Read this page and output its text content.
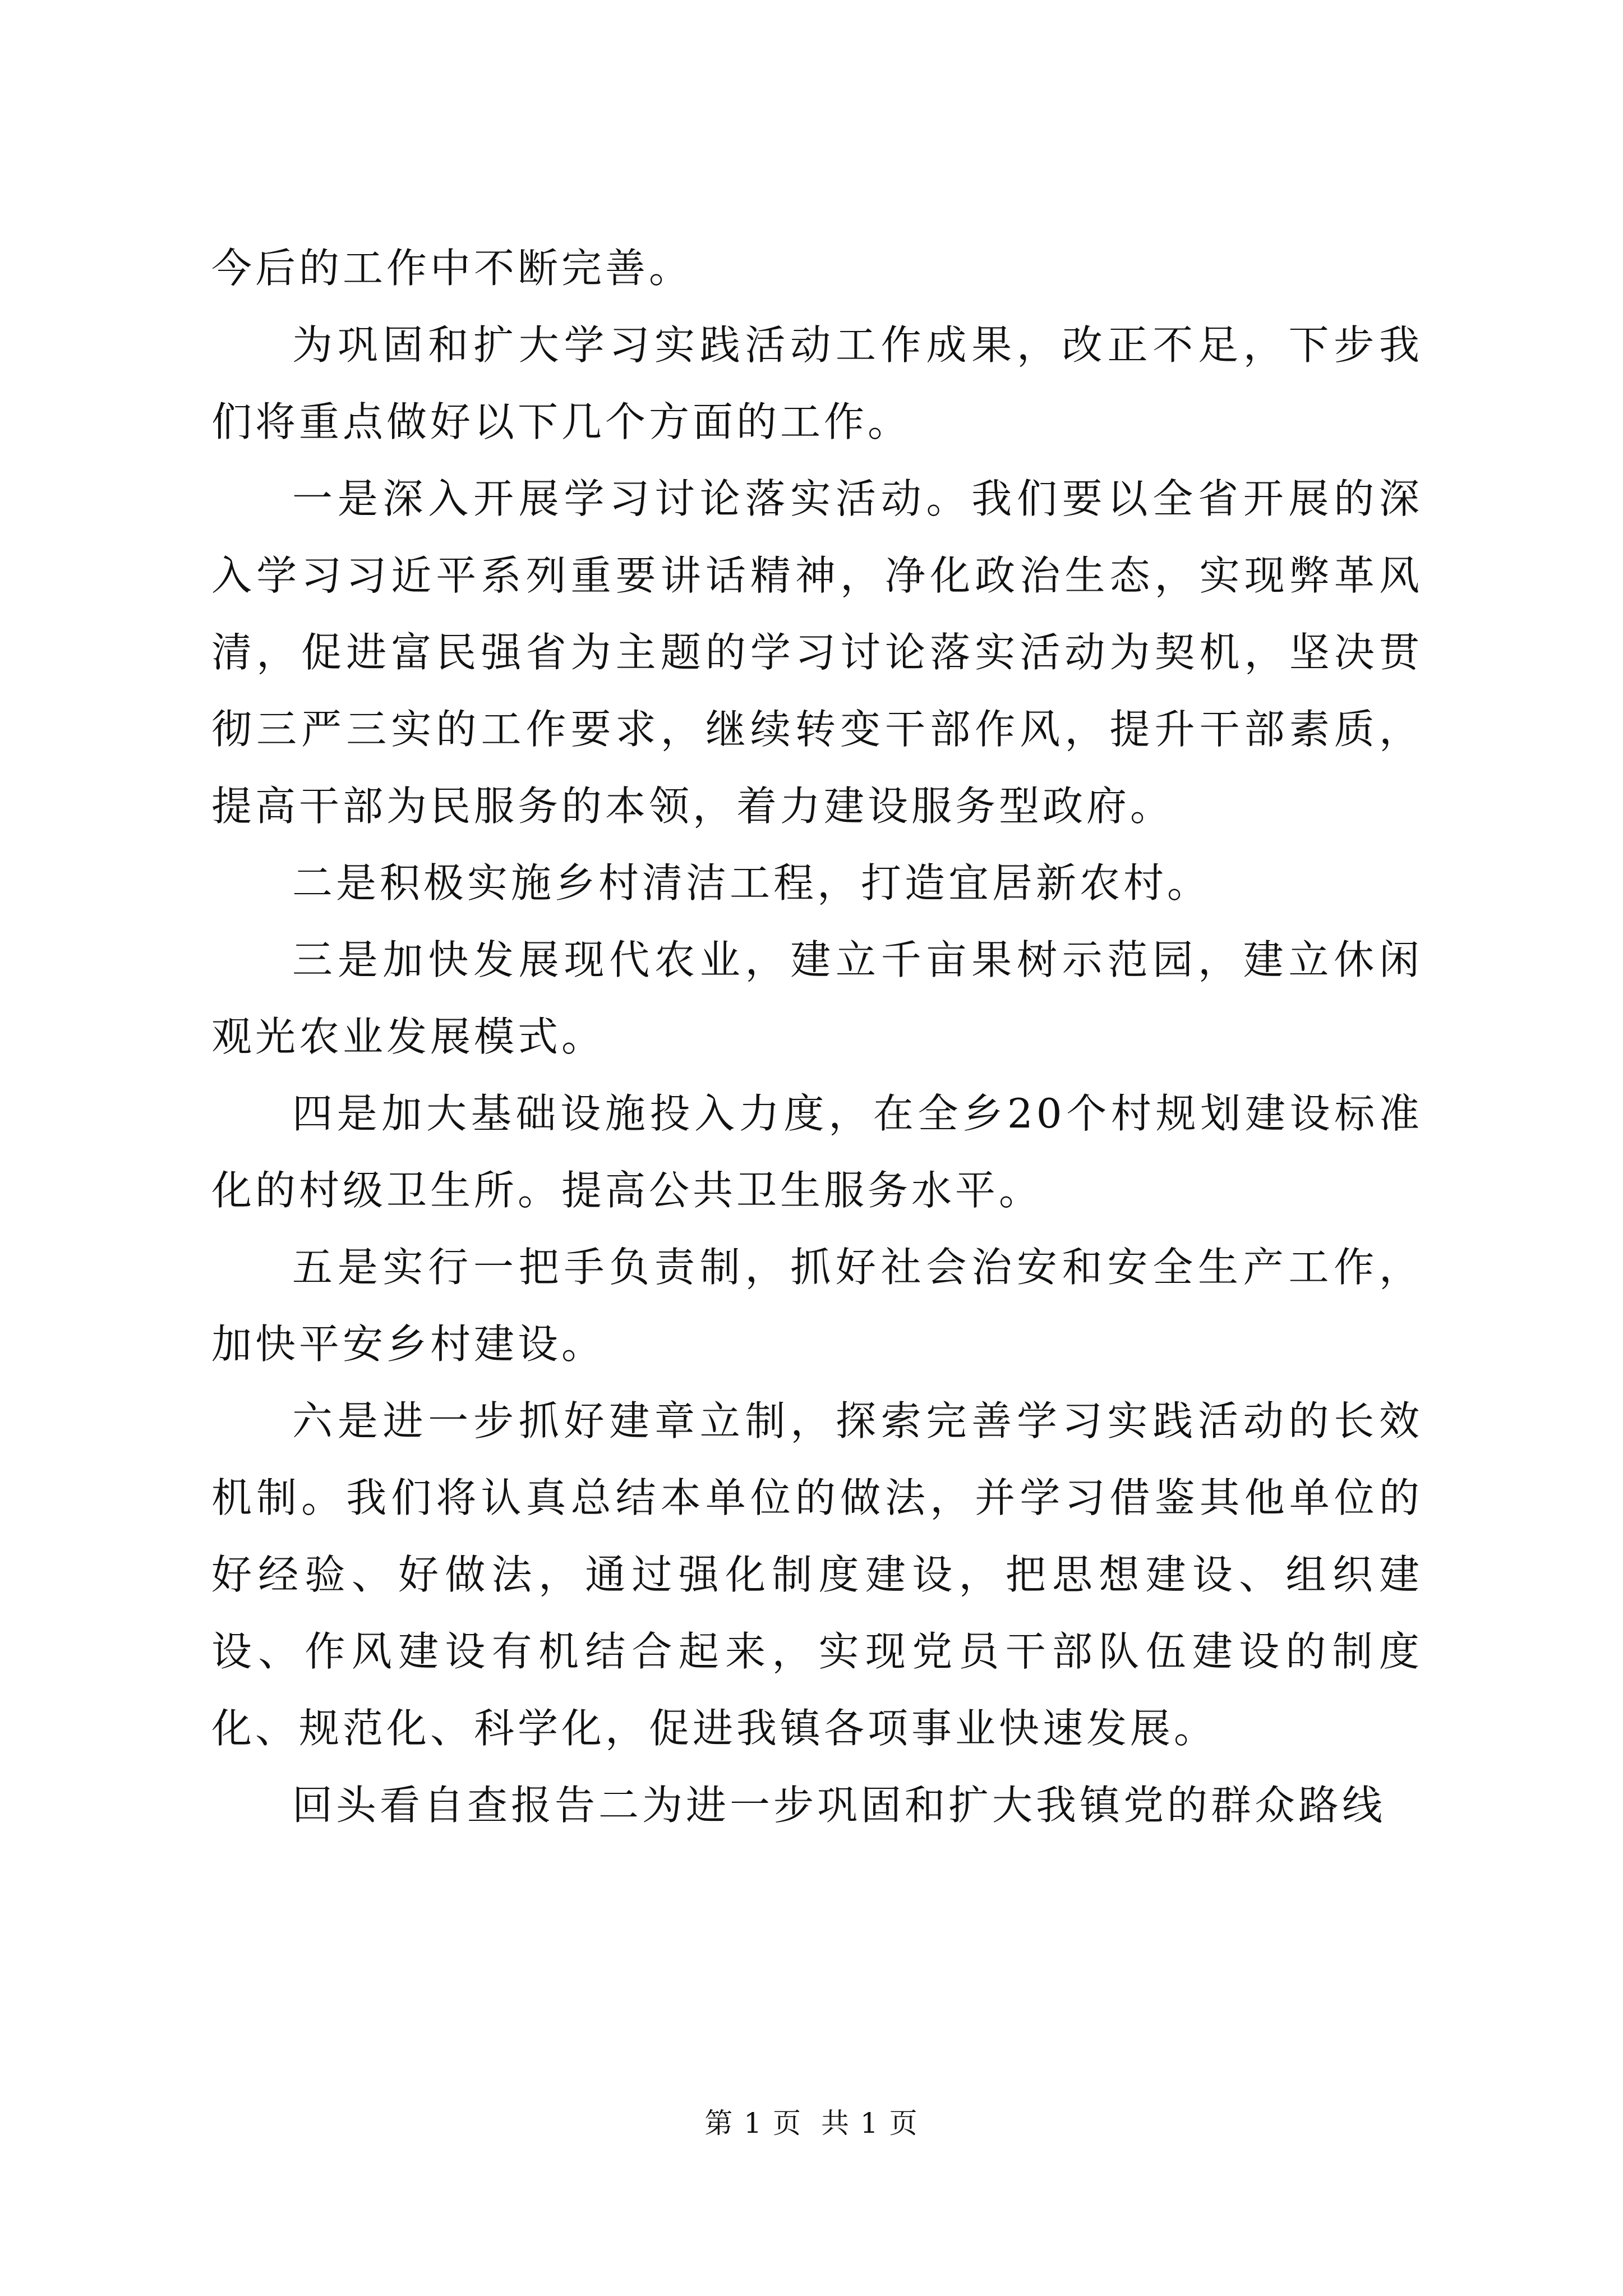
今后的工作中不断完善。

为巩固和扩大学习实践活动工作成果，改正不足，下步我们将重点做好以下几个方面的工作。

一是深入开展学习讨论落实活动。我们要以全省开展的深入学习习近平系列重要讲话精神，净化政治生态，实现弊革风清，促进富民强省为主题的学习讨论落实活动为契机，坚决贯彻三严三实的工作要求，继续转变干部作风，提升干部素质，提高干部为民服务的本领，着力建设服务型政府。

二是积极实施乡村清洁工程，打造宜居新农村。

三是加快发展现代农业，建立千亩果树示范园，建立休闲观光农业发展模式。

四是加大基础设施投入力度，在全乡20个村规划建设标准化的村级卫生所。提高公共卫生服务水平。

五是实行一把手负责制，抓好社会治安和安全生产工作，加快平安乡村建设。

六是进一步抓好建章立制，探索完善学习实践活动的长效机制。我们将认真总结本单位的做法，并学习借鉴其他单位的好经验、好做法，通过强化制度建设，把思想建设、组织建设、作风建设有机结合起来，实现党员干部队伍建设的制度化、规范化、科学化，促进我镇各项事业快速发展。

回头看自查报告二为进一步巩固和扩大我镇党的群众路线

第 1 页 共 1 页
